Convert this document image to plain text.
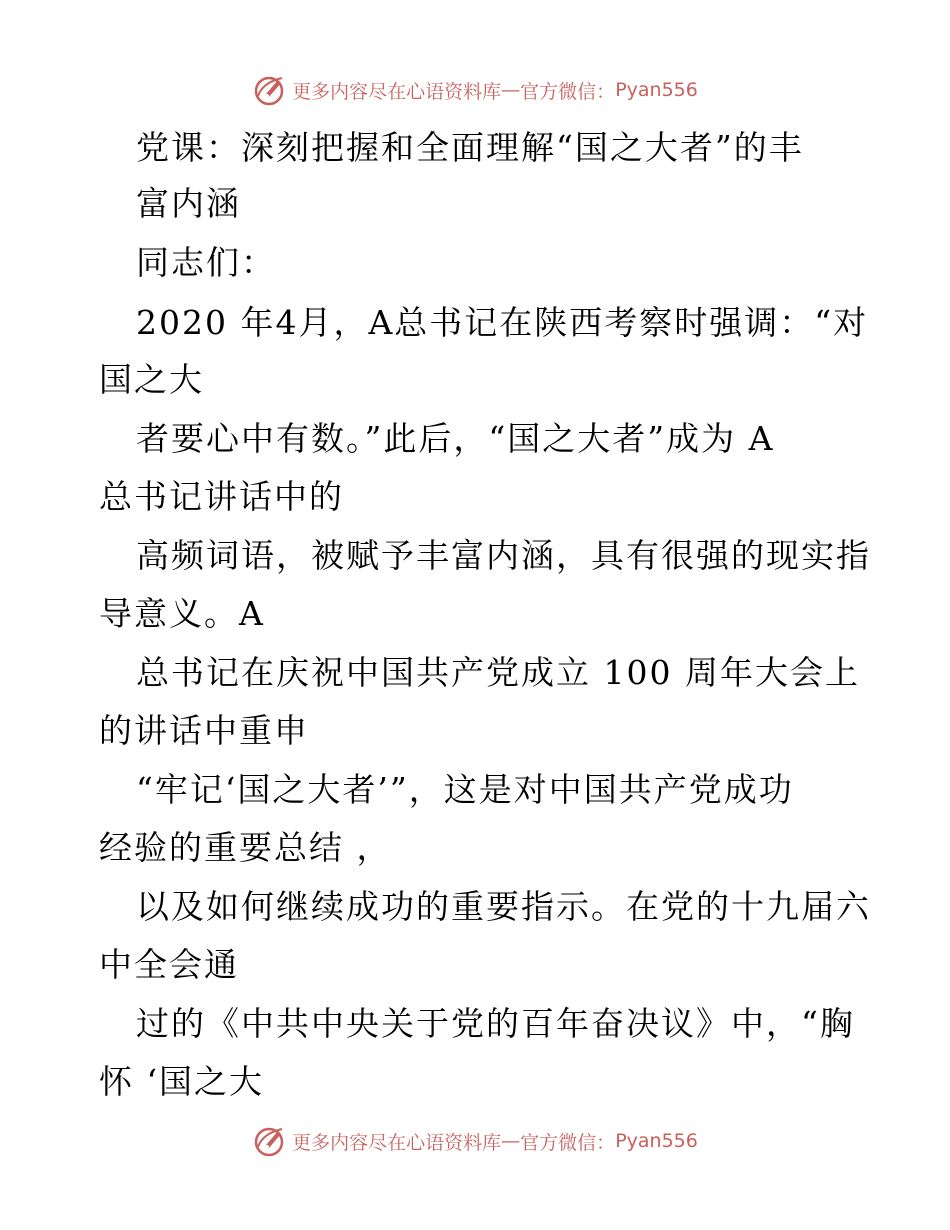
更多内容尽在心语资料库 — 官方微信： Pyan556
党课：深刻把握和全面理解“国之大者”的丰
富内涵
同志们：
2020 年4月，A总书记在陕西考察时强调：“对
国之大
者要心中有数。”此后，“国之大者”成为 A
总书记讲话中的
高频词语，被赋予丰富内涵，具有很强的现实指
导意义。A
总书记在庆祝中国共产党成立 100 周年大会上
的讲话中重申
“牢记‘国之大者’”，这是对中国共产党成功
经验的重要总结 ，
以及如何继续成功的重要指示。在党的十九届六
中全会通
过的《中共中央关于党的百年奋决议》中，“胸
怀 ‘国之大
更多内容尽在心语资料库 — 官方微信： Pyan556
